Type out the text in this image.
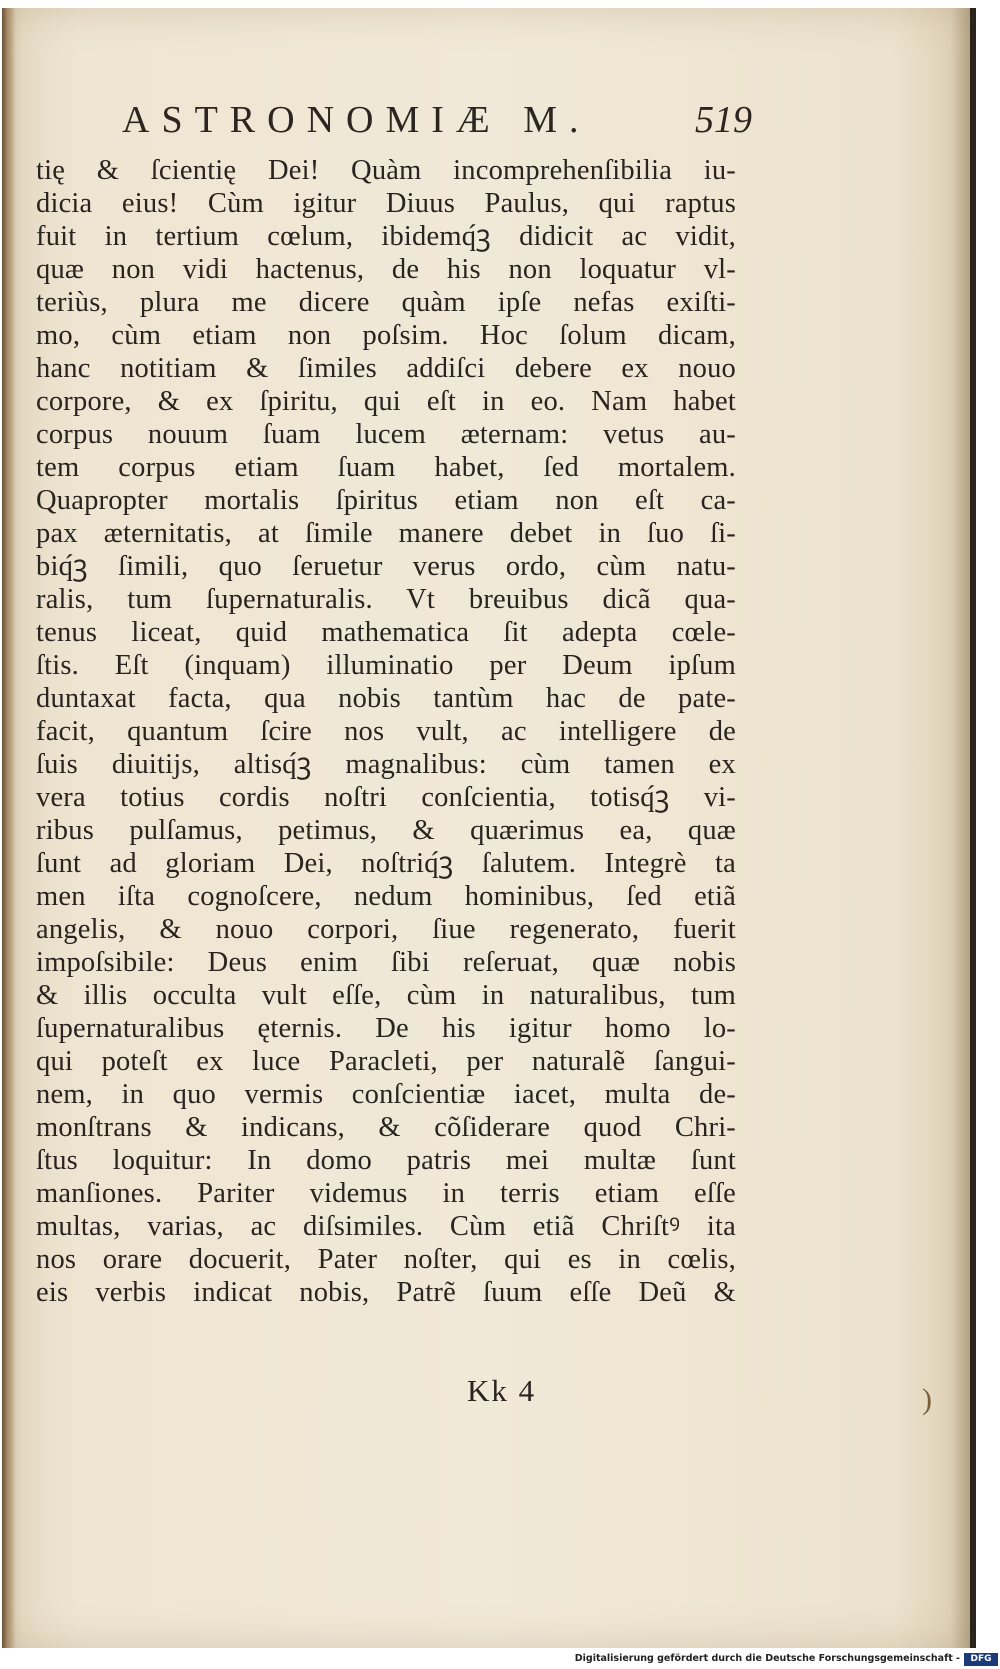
ASTRONOMIÆ M.	519
tię & ſcientię Dei! Quàm incomprehenſibilia iu-
dicia eius! Cùm igitur Diuus Paulus, qui raptus
fuit in tertium cœlum, ibidemq́ꝫ didicit ac vidit,
quæ non vidi hactenus, de his non loquatur vl-
teriùs, plura me dicere quàm ipſe nefas exiſti-
mo, cùm etiam non poſsim. Hoc ſolum dicam,
hanc notitiam & ſimiles addiſci debere ex nouo
corpore, & ex ſpiritu, qui eſt in eo. Nam habet
corpus nouum ſuam lucem æternam: vetus au-
tem corpus etiam ſuam habet, ſed mortalem.
Quapropter mortalis ſpiritus etiam non eſt ca-
pax æternitatis, at ſimile manere debet in ſuo ſi-
biq́ꝫ ſimili, quo ſeruetur verus ordo, cùm natu-
ralis, tum ſupernaturalis. Vt breuibus dicã qua-
tenus liceat, quid mathematica ſit adepta cœle-
ſtis. Eſt (inquam) illuminatio per Deum ipſum
duntaxat facta, qua nobis tantùm hac de pate-
facit, quantum ſcire nos vult, ac intelligere de
ſuis diuitijs, altisq́ꝫ magnalibus: cùm tamen ex
vera totius cordis noſtri conſcientia, totisq́ꝫ vi-
ribus pulſamus, petimus, & quærimus ea, quæ
ſunt ad gloriam Dei, noſtriq́ꝫ ſalutem. Integrè ta
men iſta cognoſcere, nedum hominibus, ſed etiã
angelis, & nouo corpori, ſiue regenerato, fuerit
impoſsibile: Deus enim ſibi reſeruat, quæ nobis
& illis occulta vult eſſe, cùm in naturalibus, tum
ſupernaturalibus ęternis. De his igitur homo lo-
qui poteſt ex luce Paracleti, per naturalẽ ſangui-
nem, in quo vermis conſcientiæ iacet, multa de-
monſtrans & indicans, & cõſiderare quod Chri-
ſtus loquitur: In domo patris mei multæ ſunt
manſiones. Pariter videmus in terris etiam eſſe
multas, varias, ac diſsimiles. Cùm etiã Chriſtꝰ ita
nos orare docuerit, Pater noſter, qui es in cœlis,
eis verbis indicat nobis, Patrẽ ſuum eſſe Deũ &
Kk 4	)
Digitalisierung gefördert durch die Deutsche Forschungsgemeinschaft -	DFG
